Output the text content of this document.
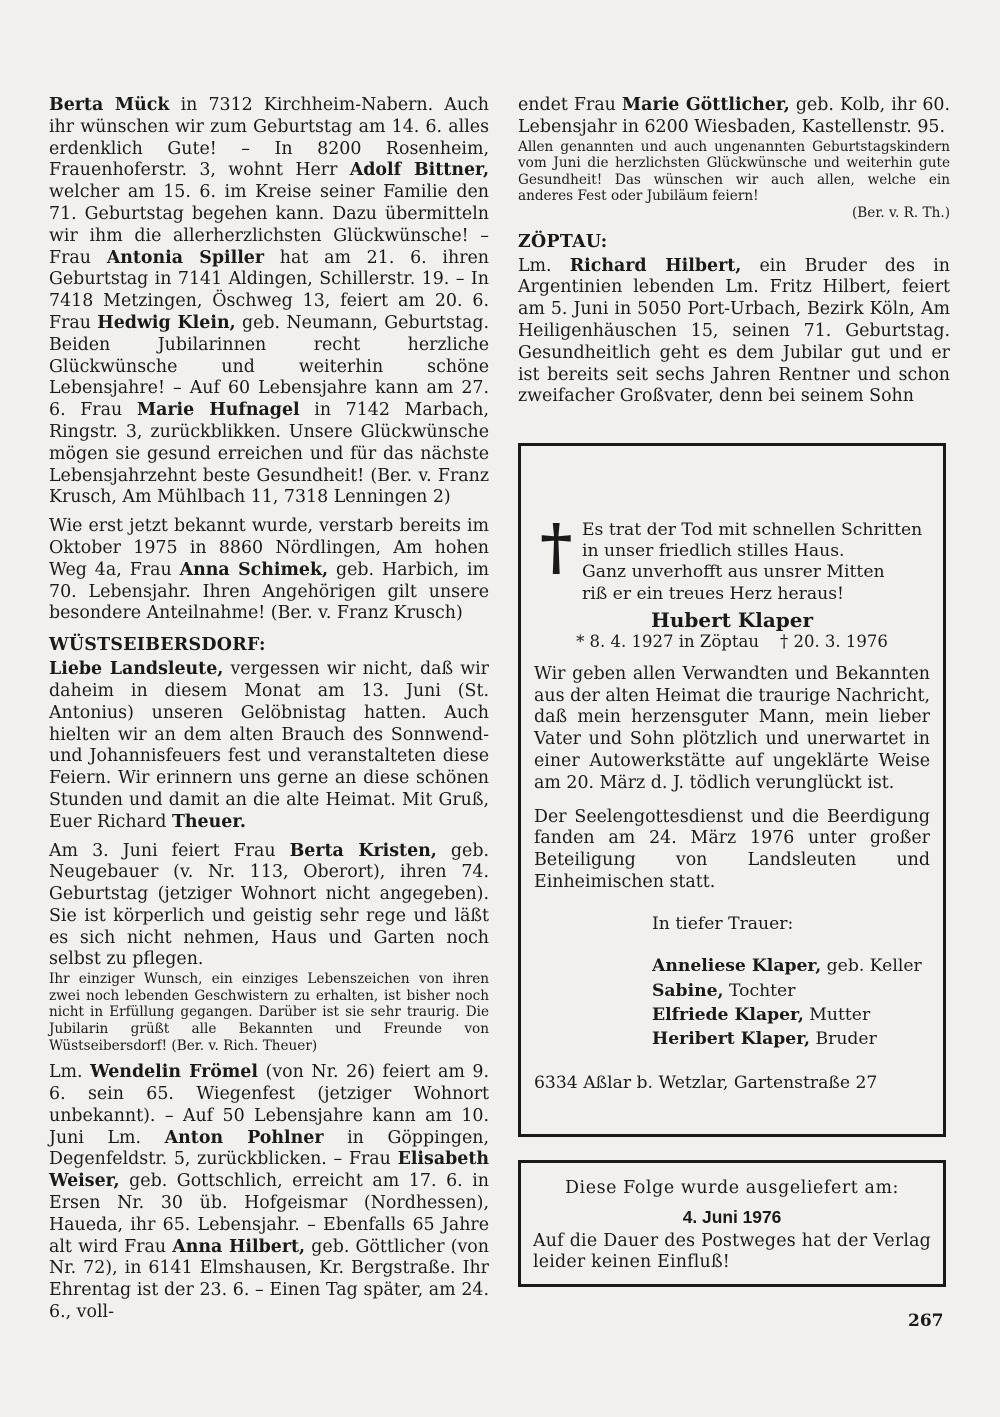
Berta Mück in 7312 Kirchheim-Nabern. Auch ihr wünschen wir zum Geburtstag am 14. 6. alles erdenklich Gute! – In 8200 Rosenheim, Frauenhoferstr. 3, wohnt Herr Adolf Bittner, welcher am 15. 6. im Kreise seiner Familie den 71. Geburtstag begehen kann. Dazu übermitteln wir ihm die allerherzlichsten Glückwünsche! – Frau Antonia Spiller hat am 21. 6. ihren Geburtstag in 7141 Aldingen, Schillerstr. 19. – In 7418 Metzingen, Öschweg 13, feiert am 20. 6. Frau Hedwig Klein, geb. Neumann, Geburtstag. Beiden Jubilarinnen recht herzliche Glückwünsche und weiterhin schöne Lebensjahre! – Auf 60 Lebensjahre kann am 27. 6. Frau Marie Hufnagel in 7142 Marbach, Ringstr. 3, zurückblikken. Unsere Glückwünsche mögen sie gesund erreichen und für das nächste Lebensjahrzehnt beste Gesundheit! (Ber. v. Franz Krusch, Am Mühlbach 11, 7318 Lenningen 2)

Wie erst jetzt bekannt wurde, verstarb bereits im Oktober 1975 in 8860 Nördlingen, Am hohen Weg 4a, Frau Anna Schimek, geb. Harbich, im 70. Lebensjahr. Ihren Angehörigen gilt unsere besondere Anteilnahme! (Ber. v. Franz Krusch)

WÜSTSEIBERSDORF:

Liebe Landsleute, vergessen wir nicht, daß wir daheim in diesem Monat am 13. Juni (St. Antonius) unseren Gelöbnistag hatten. Auch hielten wir an dem alten Brauch des Sonnwend- und Johannisfeuers fest und veranstalteten diese Feiern. Wir erinnern uns gerne an diese schönen Stunden und damit an die alte Heimat. Mit Gruß, Euer Richard Theuer.

Am 3. Juni feiert Frau Berta Kristen, geb. Neugebauer (v. Nr. 113, Oberort), ihren 74. Geburtstag (jetziger Wohnort nicht angegeben). Sie ist körperlich und geistig sehr rege und läßt es sich nicht nehmen, Haus und Garten noch selbst zu pflegen.

Ihr einziger Wunsch, ein einziges Lebenszeichen von ihren zwei noch lebenden Geschwistern zu erhalten, ist bisher noch nicht in Erfüllung gegangen. Darüber ist sie sehr traurig. Die Jubilarin grüßt alle Bekannten und Freunde von Wüstseibersdorf! (Ber. v. Rich. Theuer)

Lm. Wendelin Frömel (von Nr. 26) feiert am 9. 6. sein 65. Wiegenfest (jetziger Wohnort unbekannt). – Auf 50 Lebensjahre kann am 10. Juni Lm. Anton Pohlner in Göppingen, Degenfeldstr. 5, zurückblicken. – Frau Elisabeth Weiser, geb. Gottschlich, erreicht am 17. 6. in Ersen Nr. 30 üb. Hofgeismar (Nordhessen), Haueda, ihr 65. Lebensjahr. – Ebenfalls 65 Jahre alt wird Frau Anna Hilbert, geb. Göttlicher (von Nr. 72), in 6141 Elmshausen, Kr. Bergstraße. Ihr Ehrentag ist der 23. 6. – Einen Tag später, am 24. 6., voll-

endet Frau Marie Göttlicher, geb. Kolb, ihr 60. Lebensjahr in 6200 Wiesbaden, Kastellenstr. 95.

Allen genannten und auch ungenannten Geburtstagskindern vom Juni die herzlichsten Glückwünsche und weiterhin gute Gesundheit! Das wünschen wir auch allen, welche ein anderes Fest oder Jubiläum feiern!

(Ber. v. R. Th.)
ZÖPTAU:

Lm. Richard Hilbert, ein Bruder des in Argentinien lebenden Lm. Fritz Hilbert, feiert am 5. Juni in 5050 Port-Urbach, Bezirk Köln, Am Heiligenhäuschen 15, seinen 71. Geburtstag. Gesundheitlich geht es dem Jubilar gut und er ist bereits seit sechs Jahren Rentner und schon zweifacher Großvater, denn bei seinem Sohn

† Es trat der Tod mit schnellen Schritten
in unser friedlich stilles Haus.
Ganz unverhofft aus unsrer Mitten
riß er ein treues Herz heraus!
Hubert Klaper
* 8. 4. 1927 in Zöptau    † 20. 3. 1976

Wir geben allen Verwandten und Bekannten aus der alten Heimat die traurige Nachricht, daß mein herzensguter Mann, mein lieber Vater und Sohn plötzlich und unerwartet in einer Autowerkstätte auf ungeklärte Weise am 20. März d. J. tödlich verunglückt ist.

Der Seelengottesdienst und die Beerdigung fanden am 24. März 1976 unter großer Beteiligung von Landsleuten und Einheimischen statt.

In tiefer Trauer:
Anneliese Klaper, geb. Keller
Sabine, Tochter
Elfriede Klaper, Mutter
Heribert Klaper, Bruder
6334 Aßlar b. Wetzlar, Gartenstraße 27
Diese Folge wurde ausgeliefert am:
4. Juni 1976
Auf die Dauer des Postweges hat der Verlag leider keinen Einfluß!
267
